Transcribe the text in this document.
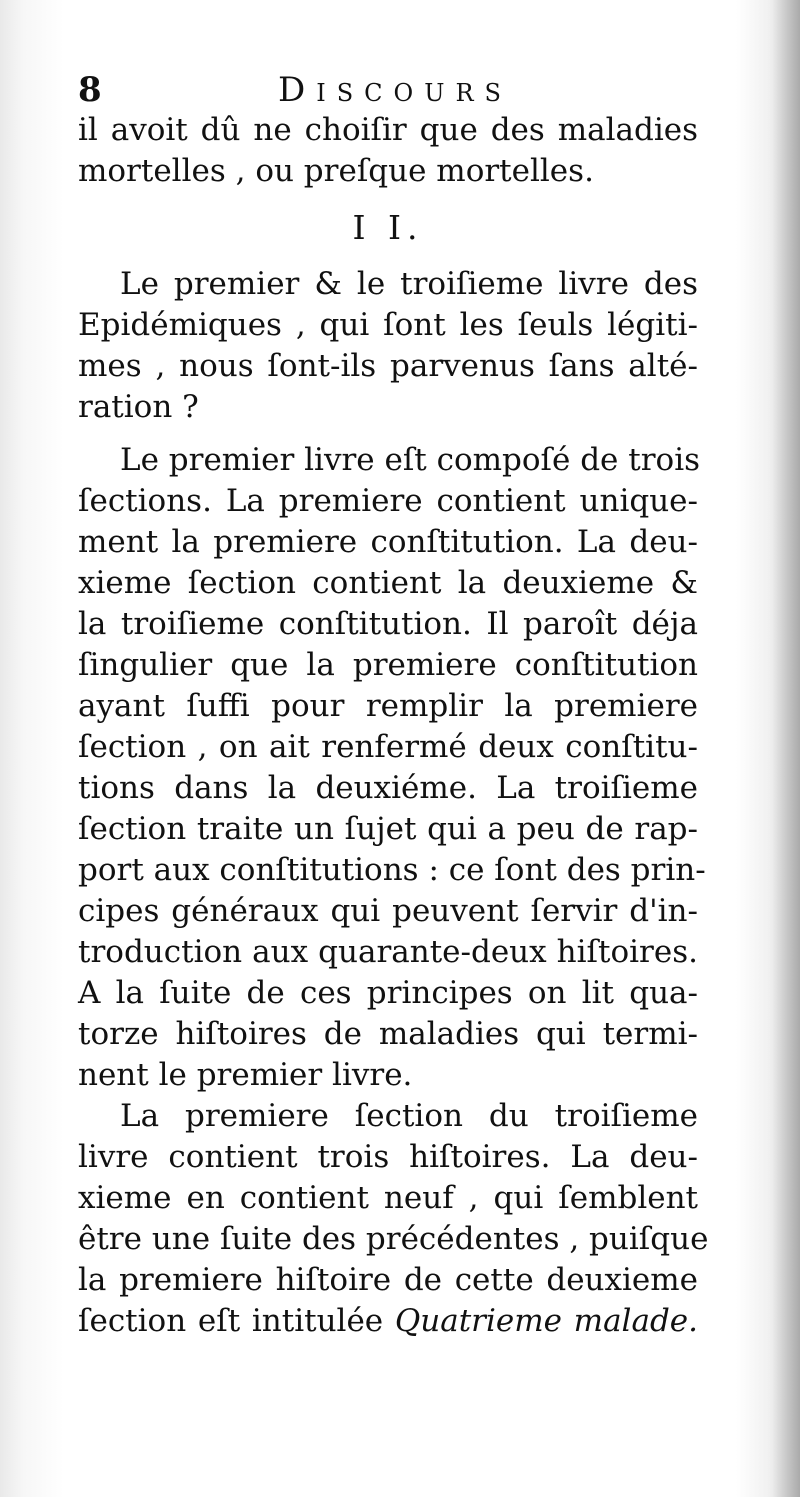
8	Discours
il avoit dû ne choiſir que des maladies
mortelles , ou preſque mortelles.
I I.
Le premier & le troiſieme livre des
Epidémiques , qui ſont les ſeuls légiti-
mes , nous ſont-ils parvenus ſans alté-
ration ?
Le premier livre eſt compoſé de trois
ſections. La premiere contient unique-
ment la premiere conſtitution. La deu-
xieme ſection contient la deuxieme &
la troiſieme conſtitution. Il paroît déja
ſingulier que la premiere conſtitution
ayant ſuffi pour remplir la premiere
ſection , on ait renfermé deux conſtitu-
tions dans la deuxiéme. La troiſieme
ſection traite un ſujet qui a peu de rap-
port aux conſtitutions : ce ſont des prin-
cipes généraux qui peuvent ſervir d'in-
troduction aux quarante-deux hiſtoires.
A la ſuite de ces principes on lit qua-
torze hiſtoires de maladies qui termi-
nent le premier livre.
La premiere ſection du troiſieme
livre contient trois hiſtoires. La deu-
xieme en contient neuf , qui ſemblent
être une ſuite des précédentes , puiſque
la premiere hiſtoire de cette deuxieme
ſection eſt intitulée Quatrieme malade.
